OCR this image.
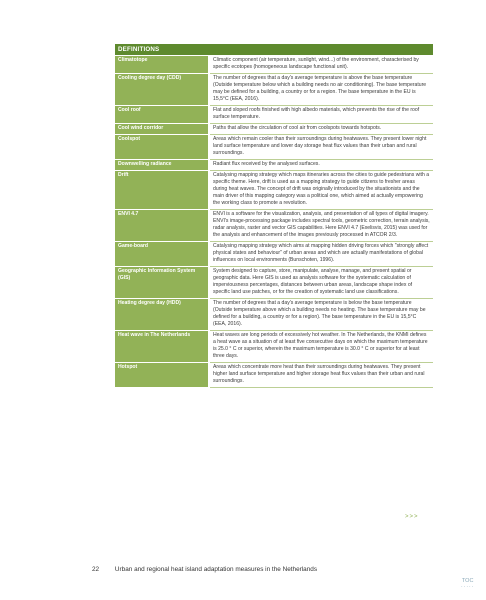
DEFINITIONS	
Climatotope	Climatic component (air temperature, sunlight, wind...) of the environment, characterised by specific ecotopes (homogeneous landscape functional unit).
Cooling degree day (CDD)	The number of degrees that a day's average temperature is above the base temperature (Outside temperature below which a building needs no air conditioning). The base temperature may be defined for a building, a country or for a region. The base temperature in the EU is 15,5°C (EEA, 2016).
Cool roof	Flat and sloped roofs finished with high albedo materials, which prevents the rise of the roof surface temperature.
Cool wind corridor	Paths that allow the circulation of cool air from coolspots towards hotspots.
Coolspot	Areas which remain cooler than their surroundings during heatwaves. They present lower night land surface temperature and lower day storage heat flux values than their urban and rural surroundings.
Downwelling radiance	Radiant flux received by the analysed surfaces.
Drift	Catalysing mapping strategy which maps itineraries across the cities to guide pedestrians with a specific theme. Here, drift is used as a mapping strategy to guide citizens to fresher areas during heat waves. The concept of drift was originally introduced by the situationists and the main driver of this mapping category was a political one, which aimed at actually empowering the working class to promote a revolution.
ENVI 4.7	ENVI is a software for the visualization, analysis, and presentation of all types of digital imagery. ENVI's image-processing package includes spectral tools, geometric correction, terrain analysis, radar analysis, raster and vector GIS capabilities. Here ENVI 4.7 (Exelisvis, 2015) was used for the analysis and enhancement of the images previously processed in ATCOR 2/3.
Game-board	Catalysing mapping strategy which aims at mapping hidden driving forces which "strongly affect physical states and behaviour" of urban areas and which are actually manifestations of global influences on local environments (Bunschoten, 1996).
Geographic Information System (GIS)	System designed to capture, store, manipulate, analyse, manage, and present spatial or geographic data. Here GIS is used as analysis software for the systematic calculation of imperviousness percentages, distances between urban areas, landscape shape index of specific land use patches, or for the creation of systematic land use classifications.
Heating degree day (HDD)	The number of degrees that a day's average temperature is below the base temperature (Outside temperature above which a building needs no heating. The base temperature may be defined for a building, a country or for a region). The base temperature in the EU is 15,5°C (EEA, 2016).
Heat wave in The Netherlands	Heat waves are long periods of excessively hot weather. In The Netherlands, the KNMI defines a heat wave as a situation of at least five consecutive days on which the maximum temperature is 25.0 ° C or superior, wherein the maximum temperature is 30.0 ° C or superior for at least three days.
Hotspot	Areas which concentrate more heat than their surroundings during heatwaves. They present higher land surface temperature and higher storage heat flux values than their urban and rural surroundings.
>>>
22 Urban and regional heat island adaptation measures in the Netherlands
TOC
·····
